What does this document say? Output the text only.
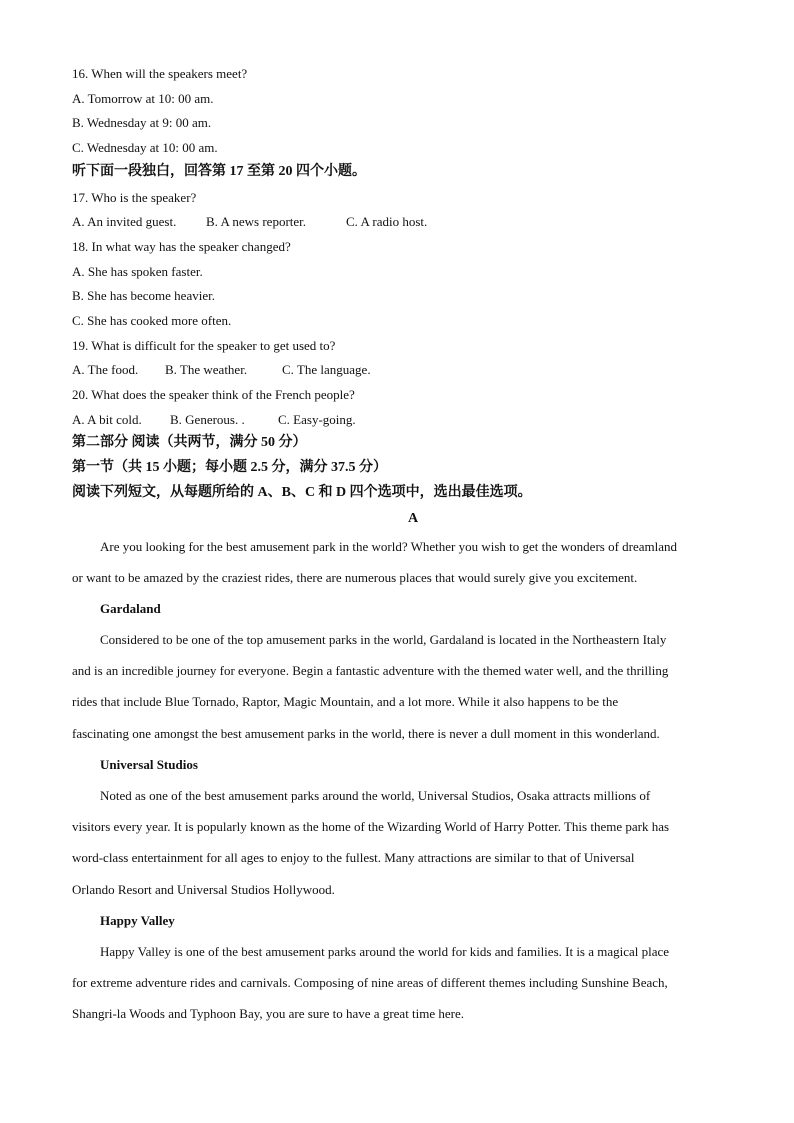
16. When will the speakers meet?
A. Tomorrow at 10: 00 am.
B. Wednesday at 9: 00 am.
C. Wednesday at 10: 00 am.
听下面一段独白，回答第 17 至第 20 四个小题。
17. Who is the speaker?
A. An invited guest. B. A news reporter.	C. A radio host.
18. In what way has the speaker changed?
A. She has spoken faster.
B. She has become heavier.
C. She has cooked more often.
19. What is difficult for the speaker to get used to?
A. The food. B. The weather.	C. The language.
20. What does the speaker think of the French people?
A. A bit cold. B. Generous. .	C. Easy-going.
第二部分 阅读（共两节，满分 50 分）
第一节（共 15 小题；每小题 2.5 分，满分 37.5 分）
阅读下列短文，从每题所给的 A、B、C 和 D 四个选项中，选出最佳选项。
A
Are you looking for the best amusement park in the world? Whether you wish to get the wonders of dreamland
or want to be amazed by the craziest rides, there are numerous places that would surely give you excitement.
Gardaland
Considered to be one of the top amusement parks in the world, Gardaland is located in the Northeastern Italy
and is an incredible journey for everyone. Begin a fantastic adventure with the themed water well, and the thrilling
rides that include Blue Tornado, Raptor, Magic Mountain, and a lot more. While it also happens to be the
fascinating one amongst the best amusement parks in the world, there is never a dull moment in this wonderland.
Universal Studios
Noted as one of the best amusement parks around the world, Universal Studios, Osaka attracts millions of
visitors every year. It is popularly known as the home of the Wizarding World of Harry Potter. This theme park has
word-class entertainment for all ages to enjoy to the fullest. Many attractions are similar to that of Universal
Orlando Resort and Universal Studios Hollywood.
Happy Valley
Happy Valley is one of the best amusement parks around the world for kids and families. It is a magical place
for extreme adventure rides and carnivals. Composing of nine areas of different themes including Sunshine Beach,
Shangri-la Woods and Typhoon Bay, you are sure to have a great time here.
